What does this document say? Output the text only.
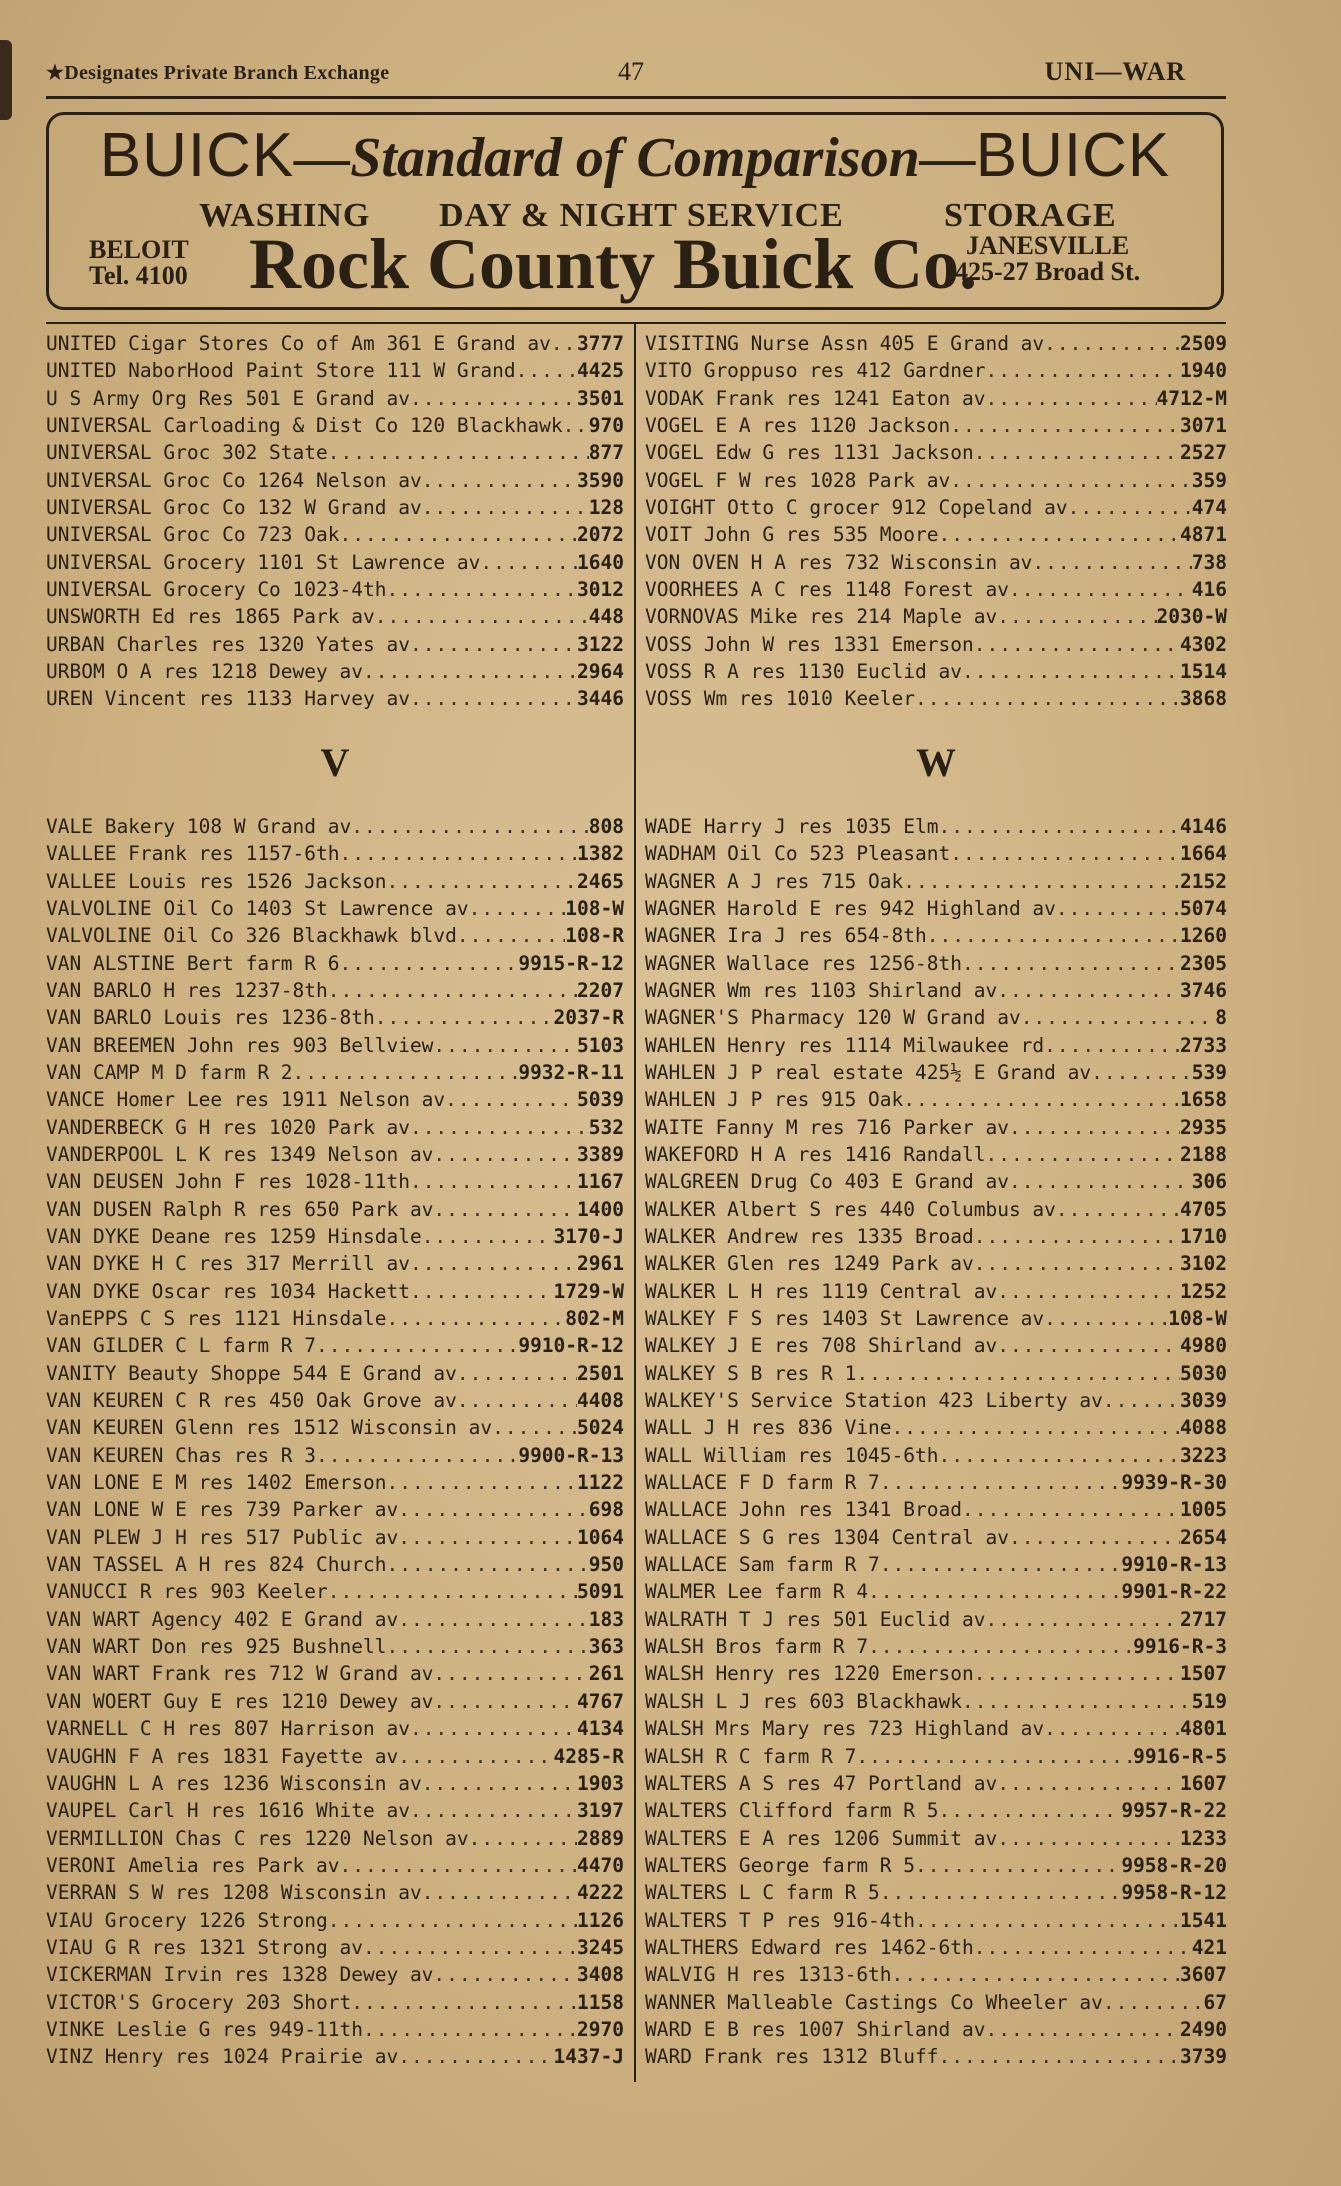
★Designates Private Branch Exchange	47	UNI—WAR
BUICK—Standard of Comparison—BUICK
WASHING DAY & NIGHT SERVICE	STORAGE
BELOIT
Tel. 4100 Rock County Buick Co.
JANESVILLE
425-27 Broad St.
UNITED Cigar Stores Co of Am 361 E Grand av ..... 3777
UNITED NaborHood Paint Store 111 W Grand .....	4425
U S Army Org Res 501 E Grand av .....	3501
UNIVERSAL Carloading & Dist Co 120 Blackhawk ..... 970
UNIVERSAL Groc 302 State .....	877
UNIVERSAL Groc Co 1264 Nelson av .....	3590
UNIVERSAL Groc Co 132 W Grand av .....	128
UNIVERSAL Groc Co 723 Oak .....	2072
UNIVERSAL Grocery 1101 St Lawrence av .....	1640
UNIVERSAL Grocery Co 1023-4th .....	3012
UNSWORTH Ed res 1865 Park av .....	448
URBAN Charles res 1320 Yates av .....	3122
URBOM O A res 1218 Dewey av .....	2964
UREN Vincent res 1133 Harvey av .....	3446
V
VALE Bakery 108 W Grand av .....	808
VALLEE Frank res 1157-6th .....	1382
VALLEE Louis res 1526 Jackson .....	2465
VALVOLINE Oil Co 1403 St Lawrence av .....	108-W
VALVOLINE Oil Co 326 Blackhawk blvd .....	108-R
VAN ALSTINE Bert farm R 6 .....	9915-R-12
VAN BARLO H res 1237-8th .....	2207
VAN BARLO Louis res 1236-8th .....	2037-R
VAN BREEMEN John res 903 Bellview .....	5103
VAN CAMP M D farm R 2 .....	9932-R-11
VANCE Homer Lee res 1911 Nelson av .....	5039
VANDERBECK G H res 1020 Park av .....	532
VANDERPOOL L K res 1349 Nelson av .....	3389
VAN DEUSEN John F res 1028-11th .....	1167
VAN DUSEN Ralph R res 650 Park av .....	1400
VAN DYKE Deane res 1259 Hinsdale .....	3170-J
VAN DYKE H C res 317 Merrill av .....	2961
VAN DYKE Oscar res 1034 Hackett .....	1729-W
VanEPPS C S res 1121 Hinsdale .....	802-M
VAN GILDER C L farm R 7 .....	9910-R-12
VANITY Beauty Shoppe 544 E Grand av .....	2501
VAN KEUREN C R res 450 Oak Grove av .....	4408
VAN KEUREN Glenn res 1512 Wisconsin av .....	5024
VAN KEUREN Chas res R 3 .....	9900-R-13
VAN LONE E M res 1402 Emerson .....	1122
VAN LONE W E res 739 Parker av .....	698
VAN PLEW J H res 517 Public av .....	1064
VAN TASSEL A H res 824 Church .....	950
VANUCCI R res 903 Keeler .....	5091
VAN WART Agency 402 E Grand av .....	183
VAN WART Don res 925 Bushnell .....	363
VAN WART Frank res 712 W Grand av .....	261
VAN WOERT Guy E res 1210 Dewey av .....	4767
VARNELL C H res 807 Harrison av .....	4134
VAUGHN F A res 1831 Fayette av .....	4285-R
VAUGHN L A res 1236 Wisconsin av .....	1903
VAUPEL Carl H res 1616 White av .....	3197
VERMILLION Chas C res 1220 Nelson av .....	2889
VERONI Amelia res Park av .....	4470
VERRAN S W res 1208 Wisconsin av .....	4222
VIAU Grocery 1226 Strong .....	1126
VIAU G R res 1321 Strong av .....	3245
VICKERMAN Irvin res 1328 Dewey av .....	3408
VICTOR'S Grocery 203 Short .....	1158
VINKE Leslie G res 949-11th .....	2970
VINZ Henry res 1024 Prairie av .....	1437-J
VISITING Nurse Assn 405 E Grand av .....	2509
VITO Groppuso res 412 Gardner .....	1940
VODAK Frank res 1241 Eaton av .....	4712-M
VOGEL E A res 1120 Jackson .....	3071
VOGEL Edw G res 1131 Jackson .....	2527
VOGEL F W res 1028 Park av .....	359
VOIGHT Otto C grocer 912 Copeland av .....	474
VOIT John G res 535 Moore .....	4871
VON OVEN H A res 732 Wisconsin av .....	738
VOORHEES A C res 1148 Forest av .....	416
VORNOVAS Mike res 214 Maple av .....	2030-W
VOSS John W res 1331 Emerson .....	4302
VOSS R A res 1130 Euclid av .....	1514
VOSS Wm res 1010 Keeler .....	3868
W
WADE Harry J res 1035 Elm .....	4146
WADHAM Oil Co 523 Pleasant .....	1664
WAGNER A J res 715 Oak .....	2152
WAGNER Harold E res 942 Highland av .....	5074
WAGNER Ira J res 654-8th .....	1260
WAGNER Wallace res 1256-8th .....	2305
WAGNER Wm res 1103 Shirland av .....	3746
WAGNER'S Pharmacy 120 W Grand av .....	8
WAHLEN Henry res 1114 Milwaukee rd .....	2733
WAHLEN J P real estate 425½ E Grand av .....	539
WAHLEN J P res 915 Oak .....	1658
WAITE Fanny M res 716 Parker av .....	2935
WAKEFORD H A res 1416 Randall .....	2188
WALGREEN Drug Co 403 E Grand av .....	306
WALKER Albert S res 440 Columbus av .....	4705
WALKER Andrew res 1335 Broad .....	1710
WALKER Glen res 1249 Park av .....	3102
WALKER L H res 1119 Central av .....	1252
WALKEY F S res 1403 St Lawrence av .....	108-W
WALKEY J E res 708 Shirland av .....	4980
WALKEY S B res R 1 .....	5030
WALKEY'S Service Station 423 Liberty av .....	3039
WALL J H res 836 Vine .....	4088
WALL William res 1045-6th .....	3223
WALLACE F D farm R 7 .....	9939-R-30
WALLACE John res 1341 Broad .....	1005
WALLACE S G res 1304 Central av .....	2654
WALLACE Sam farm R 7 .....	9910-R-13
WALMER Lee farm R 4 .....	9901-R-22
WALRATH T J res 501 Euclid av .....	2717
WALSH Bros farm R 7 .....	9916-R-3
WALSH Henry res 1220 Emerson .....	1507
WALSH L J res 603 Blackhawk .....	519
WALSH Mrs Mary res 723 Highland av .....	4801
WALSH R C farm R 7 .....	9916-R-5
WALTERS A S res 47 Portland av .....	1607
WALTERS Clifford farm R 5 .....	9957-R-22
WALTERS E A res 1206 Summit av .....	1233
WALTERS George farm R 5 .....	9958-R-20
WALTERS L C farm R 5 .....	9958-R-12
WALTERS T P res 916-4th .....	1541
WALTHERS Edward res 1462-6th .....	421
WALVIG H res 1313-6th .....	3607
WANNER Malleable Castings Co Wheeler av .....	67
WARD E B res 1007 Shirland av .....	2490
WARD Frank res 1312 Bluff .....	3739
